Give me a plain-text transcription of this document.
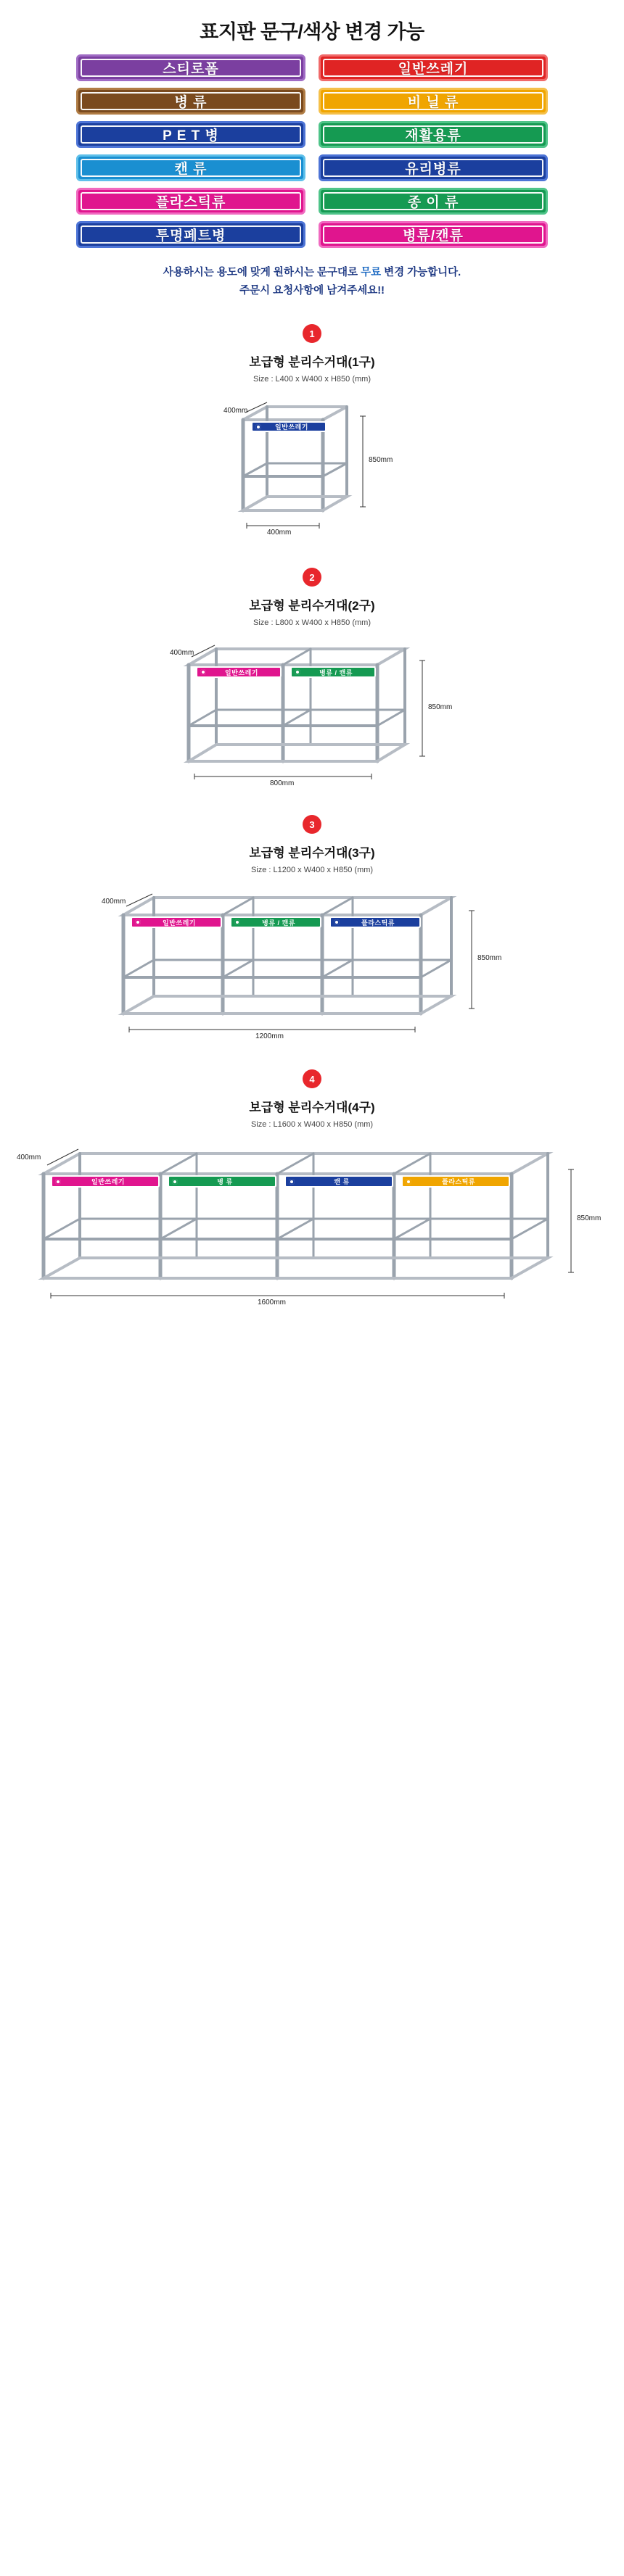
표지판 문구/색상 변경 가능
스티로폼	일반쓰레기
병 류	비 닐 류
P E T 병	재활용류
캔 류	유리병류
플라스틱류	종 이 류
투명페트병	병류/캔류
사용하시는 용도에 맞게 원하시는 문구대로 무료 변경 가능합니다.
주문시 요청사항에 남겨주세요!!
1
보급형 분리수거대(1구)
Size : L400 x W400 x H850 (mm)
일반쓰레기
400mm
850mm
400mm
2
보급형 분리수거대(2구)
Size : L800 x W400 x H850 (mm)
일반쓰레기	병류 / 캔류
400mm
850mm
800mm
3
보급형 분리수거대(3구)
Size : L1200 x W400 x H850 (mm)
일반쓰레기	병류 / 캔류	플라스틱류
400mm
850mm
1200mm
4
보급형 분리수거대(4구)
Size : L1600 x W400 x H850 (mm)
일반쓰레기	병 류	캔 류	플라스틱류
400mm
850mm
1600mm
